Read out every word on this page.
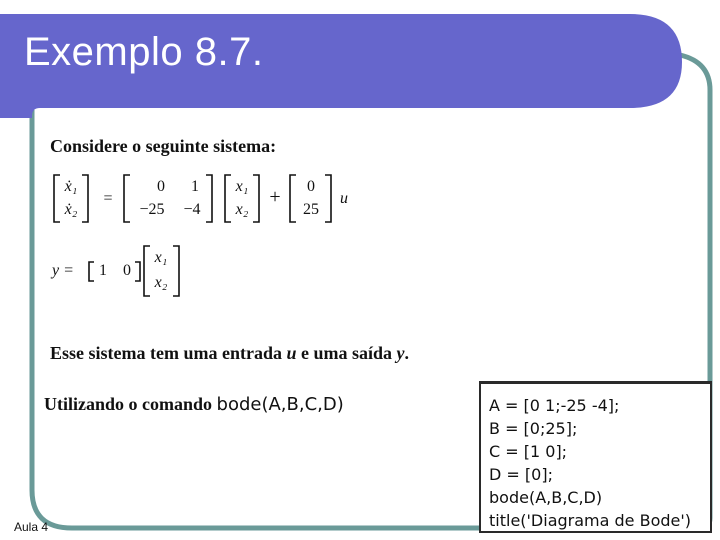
Exemplo 8.7.
Considere o seguinte sistema:
ẋ₁
ẋ₂
=
0	1
−25	−4
x₁
x₂
+	0
25
u
y =	1	0
x₁
x₂
Esse sistema tem uma entrada u e uma saída y.
Utilizando o comando bode(A,B,C,D)	A = [0 1;-25 -4];
B = [0;25];
C = [1 0];
D = [0];
bode(A,B,C,D)
title('Diagrama de Bode')
Aula 4
